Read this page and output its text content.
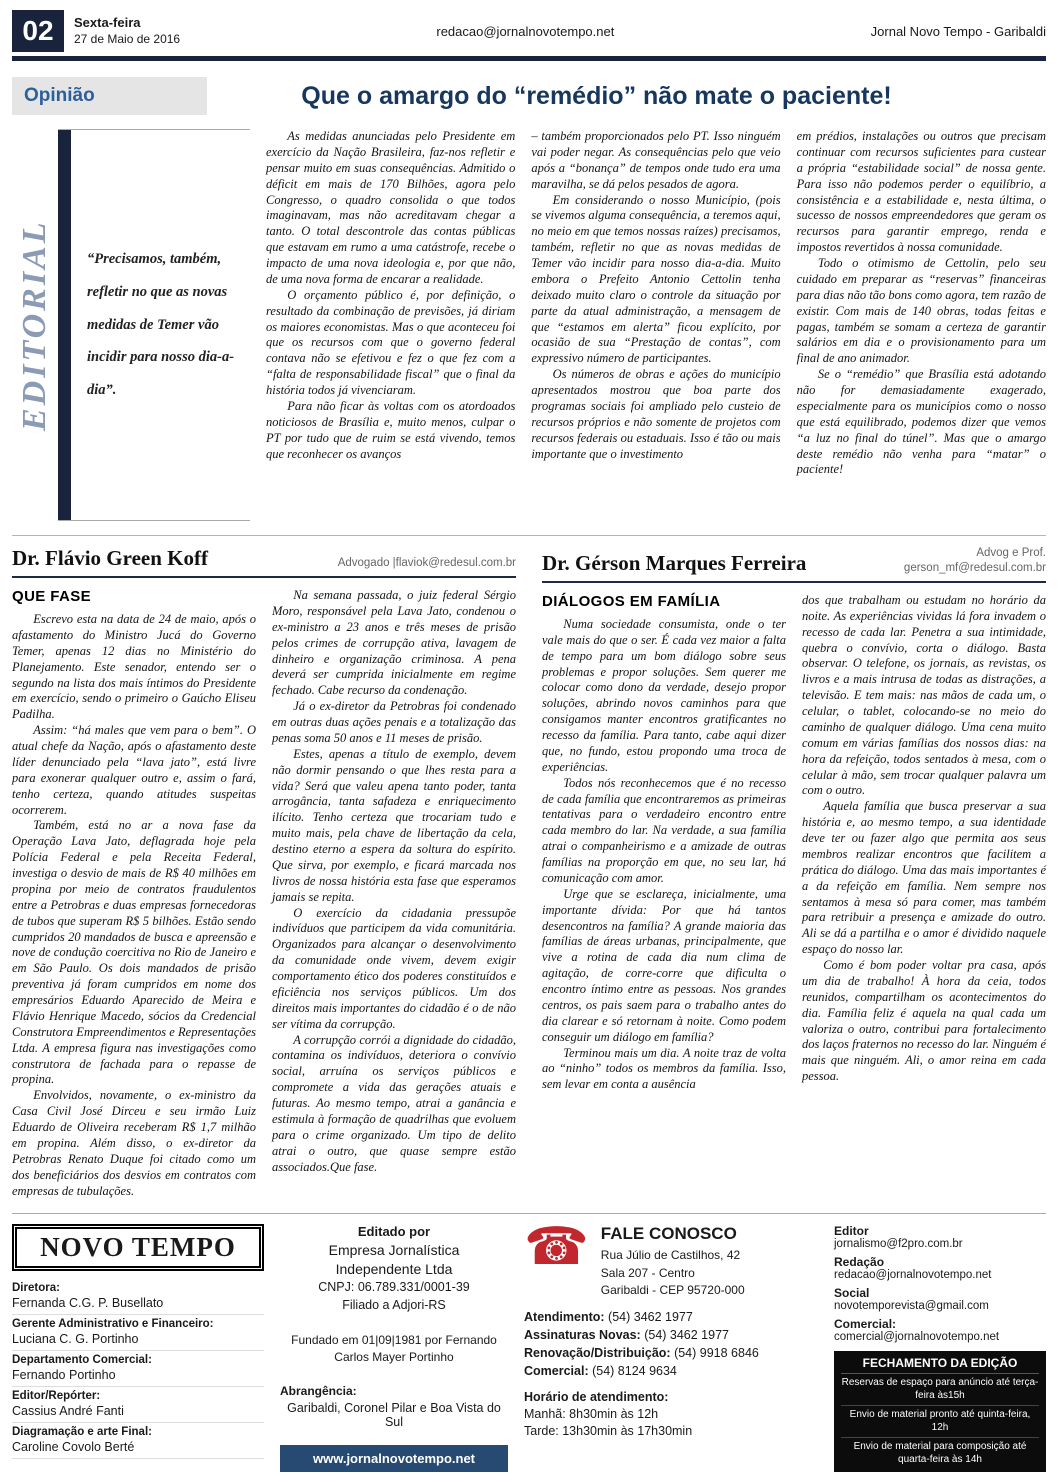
02	Sexta-feira
27 de Maio de 2016
redacao@jornalnovotempo.net	Jornal Novo Tempo - Garibaldi
Opinião	Que o amargo do “remédio” não mate o paciente!
EDITORIAL	“Precisamos, também, refletir no que as novas medidas de Temer vão incidir para nosso dia-a-dia”.

As medidas anunciadas pelo Presidente em exercício da Nação Brasileira, faz-nos refletir e pensar muito em suas consequências. Admitido o déficit em mais de 170 Bilhões, agora pelo Congresso, o quadro consolida o que todos imaginavam, mas não acreditavam chegar a tanto. O total descontrole das contas públicas que estavam em rumo a uma catástrofe, recebe o impacto de uma nova ideologia e, por que não, de uma nova forma de encarar a realidade.

O orçamento público é, por definição, o resultado da combinação de previsões, já diriam os maiores economistas. Mas o que aconteceu foi que os recursos com que o governo federal contava não se efetivou e fez o que fez com a “falta de responsabilidade fiscal” que o final da história todos já vivenciaram.

Para não ficar às voltas com os atordoados noticiosos de Brasília e, muito menos, culpar o PT por tudo que de ruim se está vivendo, temos que reconhecer os avanços

– também proporcionados pelo PT. Isso ninguém vai poder negar. As consequências pelo que veio após a “bonança” de tempos onde tudo era uma maravilha, se dá pelos pesados de agora.

Em considerando o nosso Município, (pois se vivemos alguma consequência, a teremos aqui, no meio em que temos nossas raízes) precisamos, também, refletir no que as novas medidas de Temer vão incidir para nosso dia-a-dia. Muito embora o Prefeito Antonio Cettolin tenha deixado muito claro o controle da situação por parte da atual administração, a mensagem de que “estamos em alerta” ficou explícito, por ocasião de sua “Prestação de contas”, com expressivo número de participantes.

Os números de obras e ações do município apresentados mostrou que boa parte dos programas sociais foi ampliado pelo custeio de recursos próprios e não somente de projetos com recursos federais ou estaduais. Isso é tão ou mais importante que o investimento

em prédios, instalações ou outros que precisam continuar com recursos suficientes para custear a própria “estabilidade social” de nossa gente. Para isso não podemos perder o equilíbrio, a consistência e a estabilidade e, nesta última, o sucesso de nossos empreendedores que geram os recursos para garantir emprego, renda e impostos revertidos à nossa comunidade.

Todo o otimismo de Cettolin, pelo seu cuidado em preparar as “reservas” financeiras para dias não tão bons como agora, tem razão de existir. Com mais de 140 obras, todas feitas e pagas, também se somam a certeza de garantir salários em dia e o provisionamento para um final de ano animador.

Se o “remédio” que Brasília está adotando não for demasiadamente exagerado, especialmente para os municípios como o nosso que está equilibrado, podemos dizer que vemos “a luz no final do túnel”. Mas que o amargo deste remédio não venha para “matar” o paciente!

Dr. Flávio Green Koff	Advogado |flaviok@redesul.com.br
QUE FASE

Escrevo esta na data de 24 de maio, após o afastamento do Ministro Jucá do Governo Temer, apenas 12 dias no Ministério do Planejamento. Este senador, entendo ser o segundo na lista dos mais íntimos do Presidente em exercício, sendo o primeiro o Gaúcho Eliseu Padilha.

Assim: “há males que vem para o bem”. O atual chefe da Nação, após o afastamento deste líder denunciado pela “lava jato”, está livre para exonerar qualquer outro e, assim o fará, tenho certeza, quando atitudes suspeitas ocorrerem.

Também, está no ar a nova fase da Operação Lava Jato, deflagrada hoje pela Polícia Federal e pela Receita Federal, investiga o desvio de mais de R$ 40 milhões em propina por meio de contratos fraudulentos entre a Petrobras e duas empresas fornecedoras de tubos que superam R$ 5 bilhões. Estão sendo cumpridos 20 mandados de busca e apreensão e nove de condução coercitiva no Rio de Janeiro e em São Paulo. Os dois mandados de prisão preventiva já foram cumpridos em nome dos empresários Eduardo Aparecido de Meira e Flávio Henrique Macedo, sócios da Credencial Construtora Empreendimentos e Representações Ltda. A empresa figura nas investigações como construtora de fachada para o repasse de propina.

Envolvidos, novamente, o ex-ministro da Casa Civil José Dirceu e seu irmão Luiz Eduardo de Oliveira receberam R$ 1,7 milhão em propina. Além disso, o ex-diretor da Petrobras Renato Duque foi citado como um dos beneficiários dos desvios em contratos com empresas de tubulações.

Na semana passada, o juiz federal Sérgio Moro, responsável pela Lava Jato, condenou o ex-ministro a 23 anos e três meses de prisão pelos crimes de corrupção ativa, lavagem de dinheiro e organização criminosa. A pena deverá ser cumprida inicialmente em regime fechado. Cabe recurso da condenação.

Já o ex-diretor da Petrobras foi condenado em outras duas ações penais e a totalização das penas soma 50 anos e 11 meses de prisão.

Estes, apenas a título de exemplo, devem não dormir pensando o que lhes resta para a vida? Será que valeu apena tanto poder, tanta arrogância, tanta safadeza e enriquecimento ilícito. Tenho certeza que trocariam tudo e muito mais, pela chave de libertação da cela, destino eterno a espera da soltura do espírito. Que sirva, por exemplo, e ficará marcada nos livros de nossa história esta fase que esperamos jamais se repita.

O exercício da cidadania pressupõe indivíduos que participem da vida comunitária. Organizados para alcançar o desenvolvimento da comunidade onde vivem, devem exigir comportamento ético dos poderes constituídos e eficiência nos serviços públicos. Um dos direitos mais importantes do cidadão é o de não ser vítima da corrupção.

A corrupção corrói a dignidade do cidadão, contamina os indivíduos, deteriora o convívio social, arruína os serviços públicos e compromete a vida das gerações atuais e futuras. Ao mesmo tempo, atrai a ganância e estimula à formação de quadrilhas que evoluem para o crime organizado. Um tipo de delito atrai o outro, que quase sempre estão associados.Que fase.

Dr. Gérson Marques Ferreira	Advog e Prof.
gerson_mf@redesul.com.br
DIÁLOGOS EM FAMÍLIA

Numa sociedade consumista, onde o ter vale mais do que o ser. É cada vez maior a falta de tempo para um bom diálogo sobre seus problemas e propor soluções. Sem querer me colocar como dono da verdade, desejo propor soluções, abrindo novos caminhos para que consigamos manter encontros gratificantes no recesso da família. Para tanto, cabe aqui dizer que, no fundo, estou propondo uma troca de experiências.

Todos nós reconhecemos que é no recesso de cada família que encontraremos as primeiras tentativas para o verdadeiro encontro entre cada membro do lar. Na verdade, a sua família atrai o companheirismo e a amizade de outras famílias na proporção em que, no seu lar, há comunicação com amor.

Urge que se esclareça, inicialmente, uma importante dívida: Por que há tantos desencontros na família? A grande maioria das famílias de áreas urbanas, principalmente, que vive a rotina de cada dia num clima de agitação, de corre-corre que dificulta o encontro íntimo entre as pessoas. Nos grandes centros, os pais saem para o trabalho antes do dia clarear e só retornam à noite. Como podem conseguir um diálogo em família?

Terminou mais um dia. A noite traz de volta ao “ninho” todos os membros da família. Isso, sem levar em conta a ausência

dos que trabalham ou estudam no horário da noite. As experiências vividas lá fora invadem o recesso de cada lar. Penetra a sua intimidade, quebra o convívio, corta o diálogo. Basta observar. O telefone, os jornais, as revistas, os livros e a mais intrusa de todas as distrações, a televisão. E tem mais: nas mãos de cada um, o celular, o tablet, colocando-se no meio do caminho de qualquer diálogo. Uma cena muito comum em várias famílias dos nossos dias: na hora da refeição, todos sentados à mesa, com o celular à mão, sem trocar qualquer palavra um com o outro.

Aquela família que busca preservar a sua história e, ao mesmo tempo, a sua identidade deve ter ou fazer algo que permita aos seus membros realizar encontros que facilitem a prática do diálogo. Uma das mais importantes é a da refeição em família. Nem sempre nos sentamos à mesa só para comer, mas também para retribuir a presença e amizade do outro. Ali se dá a partilha e o amor é dividido naquele espaço do nosso lar.

Como é bom poder voltar pra casa, após um dia de trabalho! À hora da ceia, todos reunidos, compartilham os acontecimentos do dia. Família feliz é aquela na qual cada um valoriza o outro, contribui para fortalecimento dos laços fraternos no recesso do lar. Ninguém é mais que ninguém. Ali, o amor reina em cada pessoa.

NOVO TEMPO
Diretora:
Fernanda C.G. P. Busellato
Gerente Administrativo e Financeiro:
Luciana C. G. Portinho
Departamento Comercial:
Fernando Portinho
Editor/Repórter:
Cassius André Fanti
Diagramação e arte Final:
Caroline Covolo Berté
Editado por
Empresa Jornalística
Independente Ltda
CNPJ: 06.789.331/0001-39
Filiado a Adjori-RS
Fundado em 01|09|1981 por Fernando Carlos Mayer Portinho
Abrangência:
Garibaldi, Coronel Pilar e Boa Vista do Sul
www.jornalnovotempo.net
☎ FALE CONOSCO
Rua Júlio de Castilhos, 42
Sala 207 - Centro
Garibaldi - CEP 95720-000
Atendimento: (54) 3462 1977
Assinaturas Novas: (54) 3462 1977
Renovação/Distribuição: (54) 9918 6846
Comercial: (54) 8124 9634
Horário de atendimento:
Manhã: 8h30min às 12h
Tarde: 13h30min às 17h30min
Editor
jornalismo@f2pro.com.br
Redação
redacao@jornalnovotempo.net
Social
novotemporevista@gmail.com
Comercial:
comercial@jornalnovotempo.net
FECHAMENTO DA EDIÇÃO

Reservas de espaço para anúncio até terça-feira às15h

Envio de material pronto até quinta-feira, 12h

Envio de material para composição até quarta-feira às 14h
